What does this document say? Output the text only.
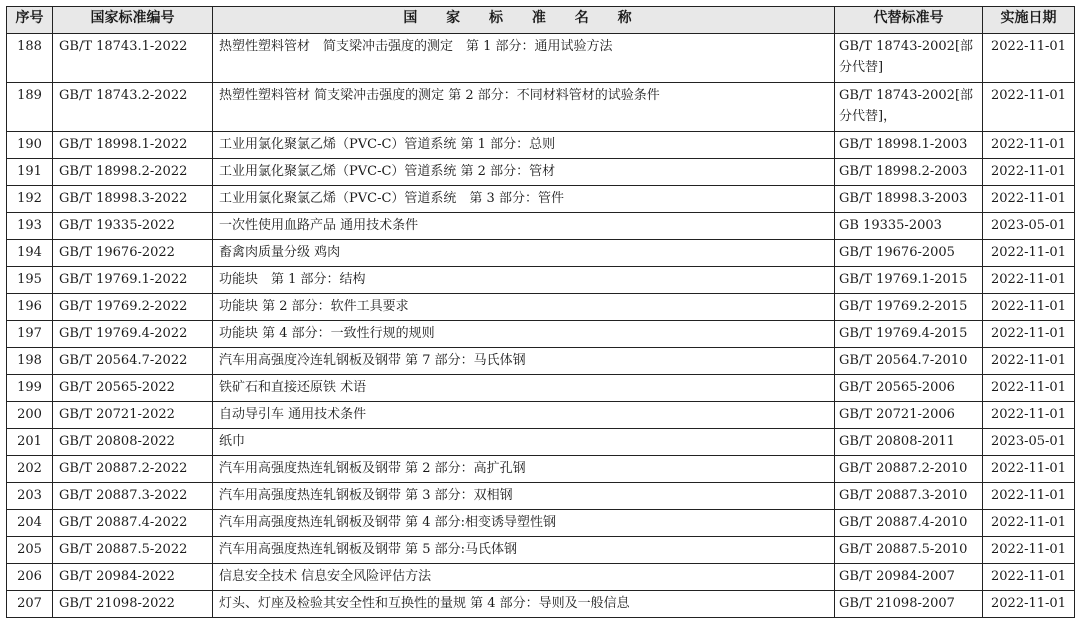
序号	国家标准编号	国 家 标 准 名 称	代替标准号	实施日期
188	GB/T 18743.1-2022	热塑性塑料管材　简支梁冲击强度的测定　第 1 部分：通用试验方法	GB/T 18743-2002[部分代替]	2022-11-01
189	GB/T 18743.2-2022	热塑性塑料管材 简支梁冲击强度的测定 第 2 部分：不同材料管材的试验条件	GB/T 18743-2002[部分代替]，	2022-11-01
190	GB/T 18998.1-2022	工业用氯化聚氯乙烯（PVC-C）管道系统 第 1 部分：总则	GB/T 18998.1-2003	2022-11-01
191	GB/T 18998.2-2022	工业用氯化聚氯乙烯（PVC-C）管道系统 第 2 部分：管材	GB/T 18998.2-2003	2022-11-01
192	GB/T 18998.3-2022	工业用氯化聚氯乙烯（PVC-C）管道系统　第 3 部分：管件	GB/T 18998.3-2003	2022-11-01
193	GB/T 19335-2022	一次性使用血路产品 通用技术条件	GB 19335-2003	2023-05-01
194	GB/T 19676-2022	畜禽肉质量分级 鸡肉	GB/T 19676-2005	2022-11-01
195	GB/T 19769.1-2022	功能块　第 1 部分：结构	GB/T 19769.1-2015	2022-11-01
196	GB/T 19769.2-2022	功能块 第 2 部分：软件工具要求	GB/T 19769.2-2015	2022-11-01
197	GB/T 19769.4-2022	功能块 第 4 部分：一致性行规的规则	GB/T 19769.4-2015	2022-11-01
198	GB/T 20564.7-2022	汽车用高强度冷连轧钢板及钢带 第 7 部分：马氏体钢	GB/T 20564.7-2010	2022-11-01
199	GB/T 20565-2022	铁矿石和直接还原铁 术语	GB/T 20565-2006	2022-11-01
200	GB/T 20721-2022	自动导引车 通用技术条件	GB/T 20721-2006	2022-11-01
201	GB/T 20808-2022	纸巾	GB/T 20808-2011	2023-05-01
202	GB/T 20887.2-2022	汽车用高强度热连轧钢板及钢带 第 2 部分：高扩孔钢	GB/T 20887.2-2010	2022-11-01
203	GB/T 20887.3-2022	汽车用高强度热连轧钢板及钢带 第 3 部分：双相钢	GB/T 20887.3-2010	2022-11-01
204	GB/T 20887.4-2022	汽车用高强度热连轧钢板及钢带 第 4 部分:相变诱导塑性钢	GB/T 20887.4-2010	2022-11-01
205	GB/T 20887.5-2022	汽车用高强度热连轧钢板及钢带 第 5 部分:马氏体钢	GB/T 20887.5-2010	2022-11-01
206	GB/T 20984-2022	信息安全技术 信息安全风险评估方法	GB/T 20984-2007	2022-11-01
207	GB/T 21098-2022	灯头、灯座及检验其安全性和互换性的量规 第 4 部分：导则及一般信息	GB/T 21098-2007	2022-11-01
